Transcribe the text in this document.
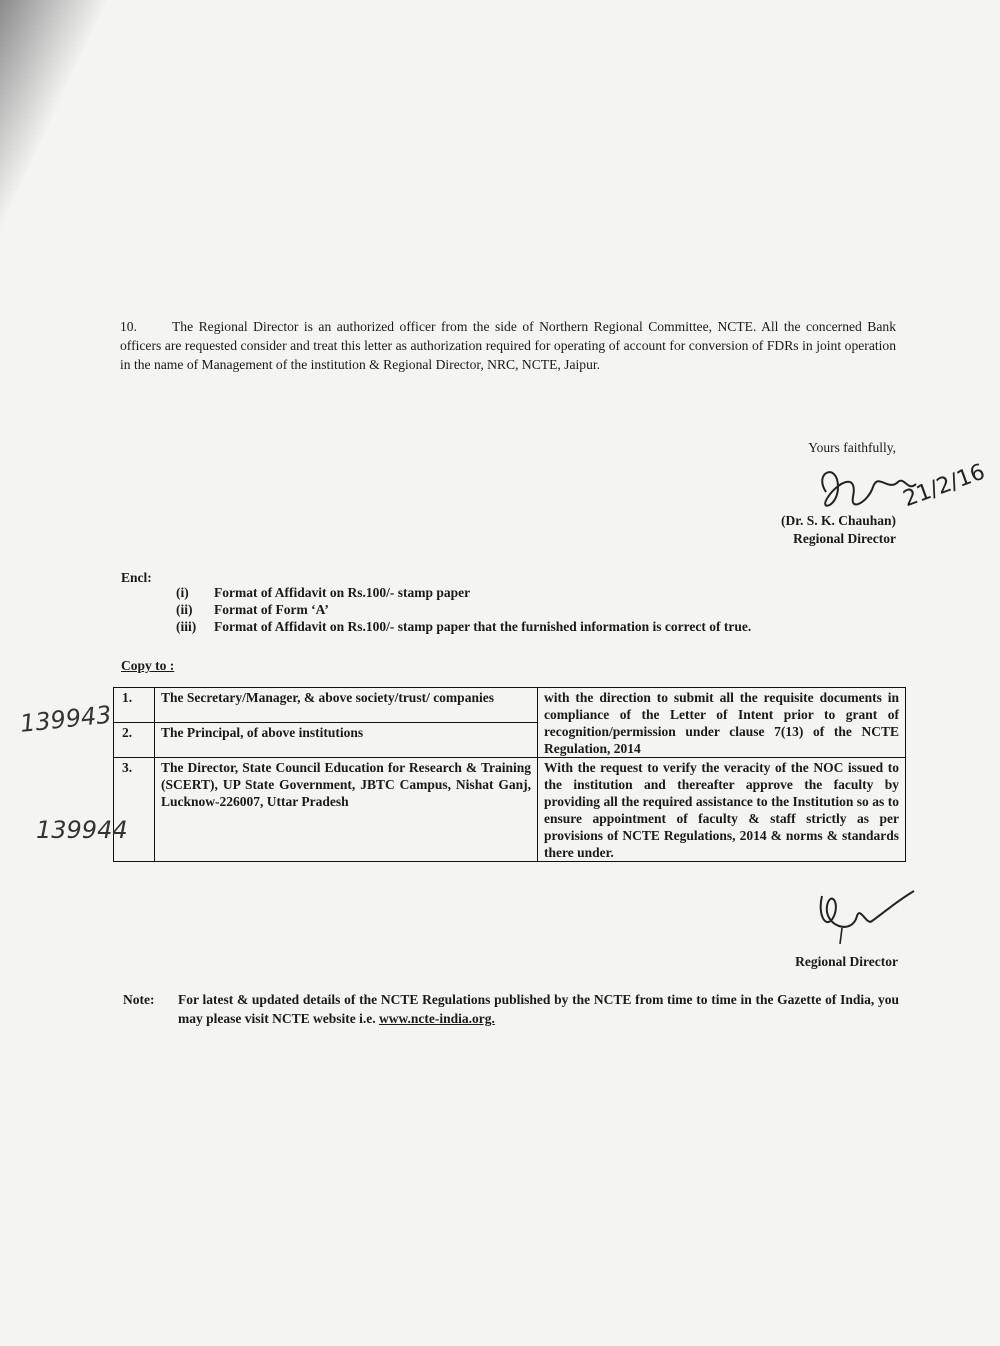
10.	The Regional Director is an authorized officer from the side of Northern Regional Committee, NCTE. All the concerned Bank officers are requested consider and treat this letter as authorization required for operating of account for conversion of FDRs in joint operation in the name of Management of the institution & Regional Director, NRC, NCTE, Jaipur.
Yours faithfully,
21/2/16
(Dr. S. K. Chauhan)
Regional Director
Encl:
(i)	Format of Affidavit on Rs.100/- stamp paper
(ii)	Format of Form ‘A’
(iii)	Format of Affidavit on Rs.100/- stamp paper that the furnished information is correct of true.
Copy to :
1.	The Secretary/Manager, & above society/trust/ companies	with the direction to submit all the requisite documents in compliance of the Letter of Intent prior to grant of recognition/permission under clause 7(13) of the NCTE Regulation, 2014
2.	The Principal, of above institutions	
3.	The Director, State Council Education for Research & Training (SCERT), UP State Government, JBTC Campus, Nishat Ganj, Lucknow-226007, Uttar Pradesh	With the request to verify the veracity of the NOC issued to the institution and thereafter approve the faculty by providing all the required assistance to the Institution so as to ensure appointment of faculty & staff strictly as per provisions of NCTE Regulations, 2014 & norms & standards there under.
139943
139944
Regional Director
Note:	For latest & updated details of the NCTE Regulations published by the NCTE from time to time in the Gazette of India, you may please visit NCTE website i.e. www.ncte-india.org.
